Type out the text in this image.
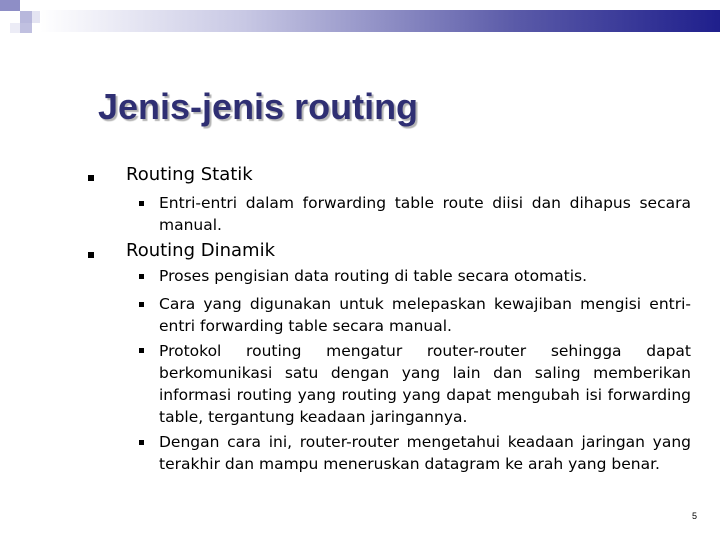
Jenis-jenis routing
Routing Statik
Entri-entri dalam forwarding table route diisi dan dihapus secara manual.
Routing Dinamik
Proses pengisian data routing di table secara otomatis.
Cara yang digunakan untuk melepaskan kewajiban mengisi entri-entri forwarding table secara manual.
Protokol routing mengatur router-router sehingga dapat berkomunikasi satu dengan yang lain dan saling memberikan informasi routing yang routing yang dapat mengubah isi forwarding table, tergantung keadaan jaringannya.
Dengan cara ini, router-router mengetahui keadaan jaringan yang terakhir dan mampu meneruskan datagram ke arah yang benar.
5
